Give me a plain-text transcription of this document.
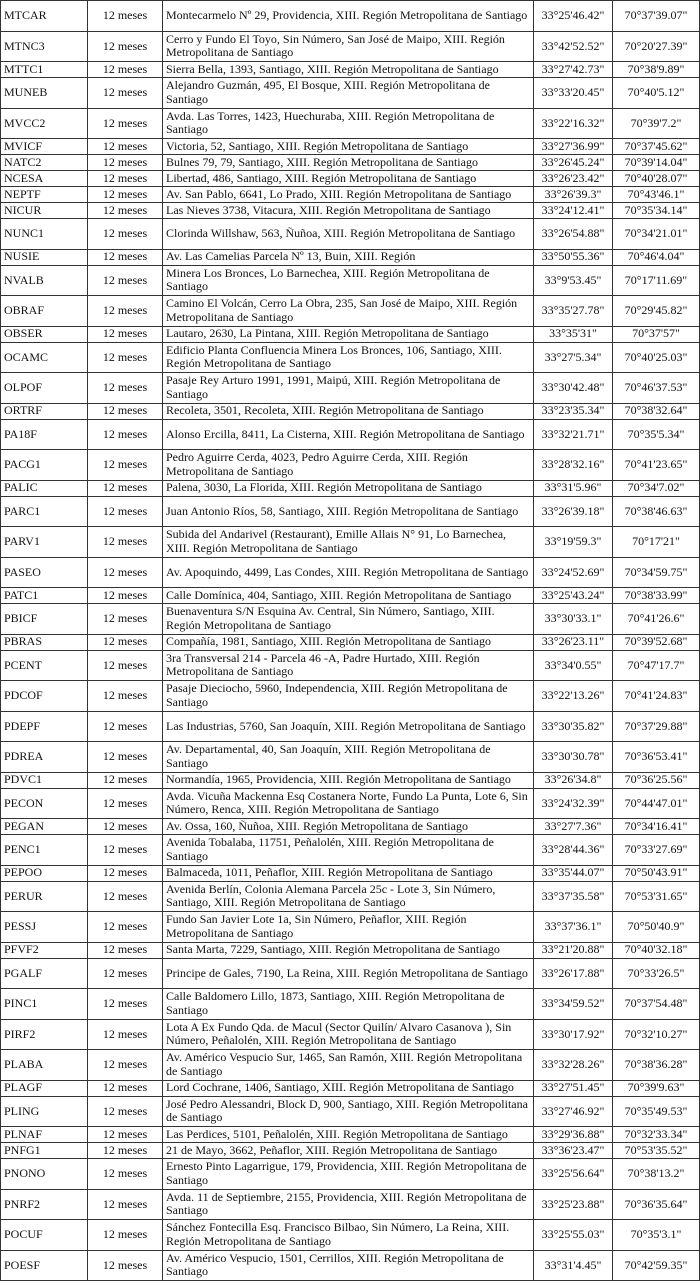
MTCAR	12 meses	Montecarmelo Nº 29, Providencia, XIII. Región Metropolitana de Santiago	33°25'46.42"	70°37'39.07"
MTNC3	12 meses	Cerro y Fundo El Toyo, Sin Número, San José de Maipo, XIII. Región Metropolitana de Santiago	33°42'52.52"	70°20'27.39"
MTTC1	12 meses	Sierra Bella, 1393, Santiago, XIII. Región Metropolitana de Santiago	33°27'42.73"	70°38'9.89"
MUNEB	12 meses	Alejandro Guzmán, 495, El Bosque, XIII. Región Metropolitana de Santiago	33°33'20.45"	70°40'5.12"
MVCC2	12 meses	Avda. Las Torres, 1423, Huechuraba, XIII. Región Metropolitana de Santiago	33°22'16.32"	70°39'7.2"
MVICF	12 meses	Victoria, 52, Santiago, XIII. Región Metropolitana de Santiago	33°27'36.99"	70°37'45.62"
NATC2	12 meses	Bulnes 79, 79, Santiago, XIII. Región Metropolitana de Santiago	33°26'45.24"	70°39'14.04"
NCESA	12 meses	Libertad, 486, Santiago, XIII. Región Metropolitana de Santiago	33°26'23.42"	70°40'28.07"
NEPTF	12 meses	Av. San Pablo, 6641, Lo Prado, XIII. Región Metropolitana de Santiago	33°26'39.3"	70°43'46.1"
NICUR	12 meses	Las Nieves 3738, Vitacura, XIII. Región Metropolitana de Santiago	33°24'12.41"	70°35'34.14"
NUNC1	12 meses	Clorinda Willshaw, 563, Ñuñoa, XIII. Región Metropolitana de Santiago	33°26'54.88"	70°34'21.01"
NUSIE	12 meses	Av. Las Camelias Parcela Nº 13, Buin, XIII. Región	33°50'55.36"	70°46'4.04"
NVALB	12 meses	Minera Los Bronces, Lo Barnechea, XIII. Región Metropolitana de Santiago	33°9'53.45"	70°17'11.69"
OBRAF	12 meses	Camino El Volcán, Cerro La Obra, 235, San José de Maipo, XIII. Región Metropolitana de Santiago	33°35'27.78"	70°29'45.82"
OBSER	12 meses	Lautaro, 2630, La Pintana, XIII. Región Metropolitana de Santiago	33°35'31"	70°37'57"
OCAMC	12 meses	Edificio Planta Confluencia Minera Los Bronces, 106, Santiago, XIII. Región Metropolitana de Santiago	33°27'5.34"	70°40'25.03"
OLPOF	12 meses	Pasaje Rey Arturo 1991, 1991, Maipú, XIII. Región Metropolitana de Santiago	33°30'42.48"	70°46'37.53"
ORTRF	12 meses	Recoleta, 3501, Recoleta, XIII. Región Metropolitana de Santiago	33°23'35.34"	70°38'32.64"
PA18F	12 meses	Alonso Ercilla, 8411, La Cisterna, XIII. Región Metropolitana de Santiago	33°32'21.71"	70°35'5.34"
PACG1	12 meses	Pedro Aguirre Cerda, 4023, Pedro Aguirre Cerda, XIII. Región Metropolitana de Santiago	33°28'32.16"	70°41'23.65"
PALIC	12 meses	Palena, 3030, La Florida, XIII. Región Metropolitana de Santiago	33°31'5.96"	70°34'7.02"
PARC1	12 meses	Juan Antonio Ríos, 58, Santiago, XIII. Región Metropolitana de Santiago	33°26'39.18"	70°38'46.63"
PARV1	12 meses	Subida del Andarivel (Restaurant), Emille Allais N° 91, Lo Barnechea, XIII. Región Metropolitana de Santiago	33°19'59.3"	70°17'21"
PASEO	12 meses	Av. Apoquindo, 4499, Las Condes, XIII. Región Metropolitana de Santiago	33°24'52.69"	70°34'59.75"
PATC1	12 meses	Calle Domínica, 404, Santiago, XIII. Región Metropolitana de Santiago	33°25'43.24"	70°38'33.99"
PBICF	12 meses	Buenaventura S/N Esquina Av. Central, Sin Número, Santiago, XIII. Región Metropolitana de Santiago	33°30'33.1"	70°41'26.6"
PBRAS	12 meses	Compañía, 1981, Santiago, XIII. Región Metropolitana de Santiago	33°26'23.11"	70°39'52.68"
PCENT	12 meses	3ra Transversal 214 - Parcela 46 -A, Padre Hurtado, XIII. Región Metropolitana de Santiago	33°34'0.55"	70°47'17.7"
PDCOF	12 meses	Pasaje Dieciocho, 5960, Independencia, XIII. Región Metropolitana de Santiago	33°22'13.26"	70°41'24.83"
PDEPF	12 meses	Las Industrias, 5760, San Joaquín, XIII. Región Metropolitana de Santiago	33°30'35.82"	70°37'29.88"
PDREA	12 meses	Av. Departamental, 40, San Joaquín, XIII. Región Metropolitana de Santiago	33°30'30.78"	70°36'53.41"
PDVC1	12 meses	Normandía, 1965, Providencia, XIII. Región Metropolitana de Santiago	33°26'34.8"	70°36'25.56"
PECON	12 meses	Avda. Vicuña Mackenna Esq Costanera Norte, Fundo La Punta, Lote 6, Sin Número, Renca, XIII. Región Metropolitana de Santiago	33°24'32.39"	70°44'47.01"
PEGAN	12 meses	Av. Ossa, 160, Ñuñoa, XIII. Región Metropolitana de Santiago	33°27'7.36"	70°34'16.41"
PENC1	12 meses	Avenida Tobalaba, 11751, Peñalolén, XIII. Región Metropolitana de Santiago	33°28'44.36"	70°33'27.69"
PEPOO	12 meses	Balmaceda, 1011, Peñaflor, XIII. Región Metropolitana de Santiago	33°35'44.07"	70°50'43.91"
PERUR	12 meses	Avenida Berlín, Colonia Alemana Parcela 25c - Lote 3, Sin Número, Santiago, XIII. Región Metropolitana de Santiago	33°37'35.58"	70°53'31.65"
PESSJ	12 meses	Fundo San Javier Lote 1a, Sin Número, Peñaflor, XIII. Región Metropolitana de Santiago	33°37'36.1"	70°50'40.9"
PFVF2	12 meses	Santa Marta, 7229, Santiago, XIII. Región Metropolitana de Santiago	33°21'20.88"	70°40'32.18"
PGALF	12 meses	Principe de Gales, 7190, La Reina, XIII. Región Metropolitana de Santiago	33°26'17.88"	70°33'26.5"
PINC1	12 meses	Calle Baldomero Lillo, 1873, Santiago, XIII. Región Metropolitana de Santiago	33°34'59.52"	70°37'54.48"
PIRF2	12 meses	Lota A Ex Fundo Qda. de Macul (Sector Quilín/ Alvaro Casanova ), Sin Número, Peñalolén, XIII. Región Metropolitana de Santiago	33°30'17.92"	70°32'10.27"
PLABA	12 meses	Av. Américo Vespucio Sur, 1465, San Ramón, XIII. Región Metropolitana de Santiago	33°32'28.26"	70°38'36.28"
PLAGF	12 meses	Lord Cochrane, 1406, Santiago, XIII. Región Metropolitana de Santiago	33°27'51.45"	70°39'9.63"
PLING	12 meses	José Pedro Alessandri, Block D, 900, Santiago, XIII. Región Metropolitana de Santiago	33°27'46.92"	70°35'49.53"
PLNAF	12 meses	Las Perdices, 5101, Peñalolén, XIII. Región Metropolitana de Santiago	33°29'36.88"	70°32'33.34"
PNFG1	12 meses	21 de Mayo, 3662, Peñaflor, XIII. Región Metropolitana de Santiago	33°36'23.47"	70°53'35.52"
PNONO	12 meses	Ernesto Pinto Lagarrigue, 179, Providencia, XIII. Región Metropolitana de Santiago	33°25'56.64"	70°38'13.2"
PNRF2	12 meses	Avda. 11 de Septiembre, 2155, Providencia, XIII. Región Metropolitana de Santiago	33°25'23.88"	70°36'35.64"
POCUF	12 meses	Sánchez Fontecilla Esq. Francisco Bilbao, Sin Número, La Reina, XIII. Región Metropolitana de Santiago	33°25'55.03"	70°35'3.1"
POESF	12 meses	Av. Américo Vespucio, 1501, Cerrillos, XIII. Región Metropolitana de Santiago	33°31'4.45"	70°42'59.35"
